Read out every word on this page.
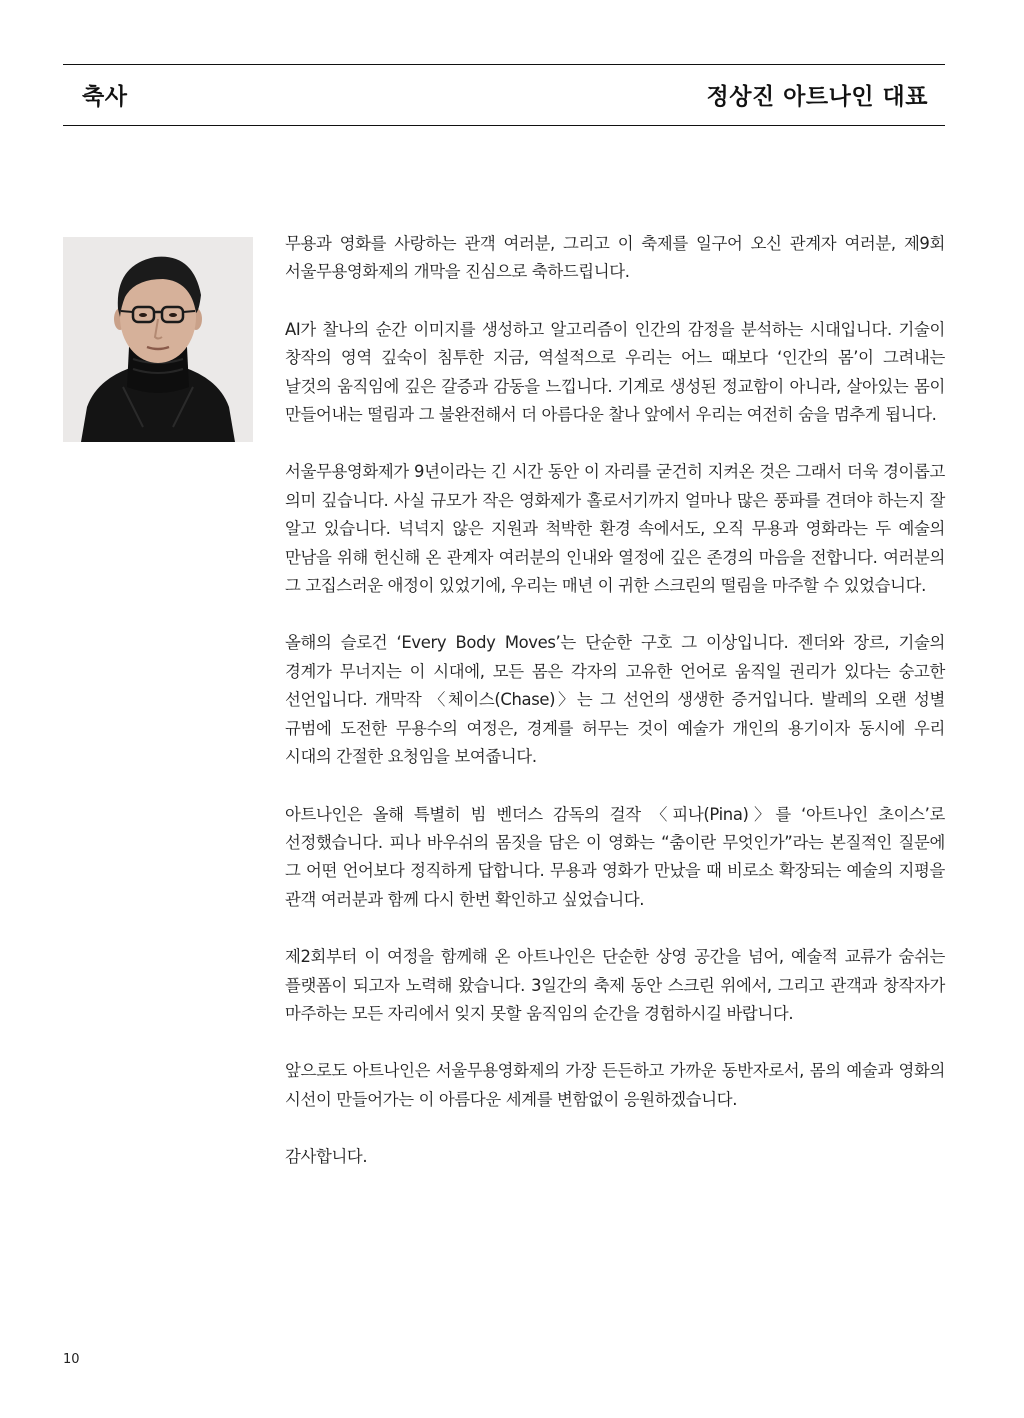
축사	정상진 아트나인 대표

무용과 영화를 사랑하는 관객 여러분, 그리고 이 축제를 일구어 오신 관계자 여러분, 제9회 서울무용영화제의 개막을 진심으로 축하드립니다.

AI가 찰나의 순간 이미지를 생성하고 알고리즘이 인간의 감정을 분석하는 시대입니다. 기술이 창작의 영역 깊숙이 침투한 지금, 역설적으로 우리는 어느 때보다 ‘인간의 몸’이 그려내는 날것의 움직임에 깊은 갈증과 감동을 느낍니다. 기계로 생성된 정교함이 아니라, 살아있는 몸이 만들어내는 떨림과 그 불완전해서 더 아름다운 찰나 앞에서 우리는 여전히 숨을 멈추게 됩니다.

서울무용영화제가 9년이라는 긴 시간 동안 이 자리를 굳건히 지켜온 것은 그래서 더욱 경이롭고 의미 깊습니다. 사실 규모가 작은 영화제가 홀로서기까지 얼마나 많은 풍파를 견뎌야 하는지 잘 알고 있습니다. 넉넉지 않은 지원과 척박한 환경 속에서도, 오직 무용과 영화라는 두 예술의 만남을 위해 헌신해 온 관계자 여러분의 인내와 열정에 깊은 존경의 마음을 전합니다. 여러분의 그 고집스러운 애정이 있었기에, 우리는 매년 이 귀한 스크린의 떨림을 마주할 수 있었습니다.

올해의 슬로건 ‘Every Body Moves’는 단순한 구호 그 이상입니다. 젠더와 장르, 기술의 경계가 무너지는 이 시대에, 모든 몸은 각자의 고유한 언어로 움직일 권리가 있다는 숭고한 선언입니다. 개막작 〈체이스(Chase)〉는 그 선언의 생생한 증거입니다. 발레의 오랜 성별 규범에 도전한 무용수의 여정은, 경계를 허무는 것이 예술가 개인의 용기이자 동시에 우리 시대의 간절한 요청임을 보여줍니다.

아트나인은 올해 특별히 빔 벤더스 감독의 걸작 〈피나(Pina)〉를 ‘아트나인 초이스’로 선정했습니다. 피나 바우쉬의 몸짓을 담은 이 영화는 “춤이란 무엇인가”라는 본질적인 질문에 그 어떤 언어보다 정직하게 답합니다. 무용과 영화가 만났을 때 비로소 확장되는 예술의 지평을 관객 여러분과 함께 다시 한번 확인하고 싶었습니다.

제2회부터 이 여정을 함께해 온 아트나인은 단순한 상영 공간을 넘어, 예술적 교류가 숨쉬는 플랫폼이 되고자 노력해 왔습니다. 3일간의 축제 동안 스크린 위에서, 그리고 관객과 창작자가 마주하는 모든 자리에서 잊지 못할 움직임의 순간을 경험하시길 바랍니다.

앞으로도 아트나인은 서울무용영화제의 가장 든든하고 가까운 동반자로서, 몸의 예술과 영화의 시선이 만들어가는 이 아름다운 세계를 변함없이 응원하겠습니다.

감사합니다.

10
